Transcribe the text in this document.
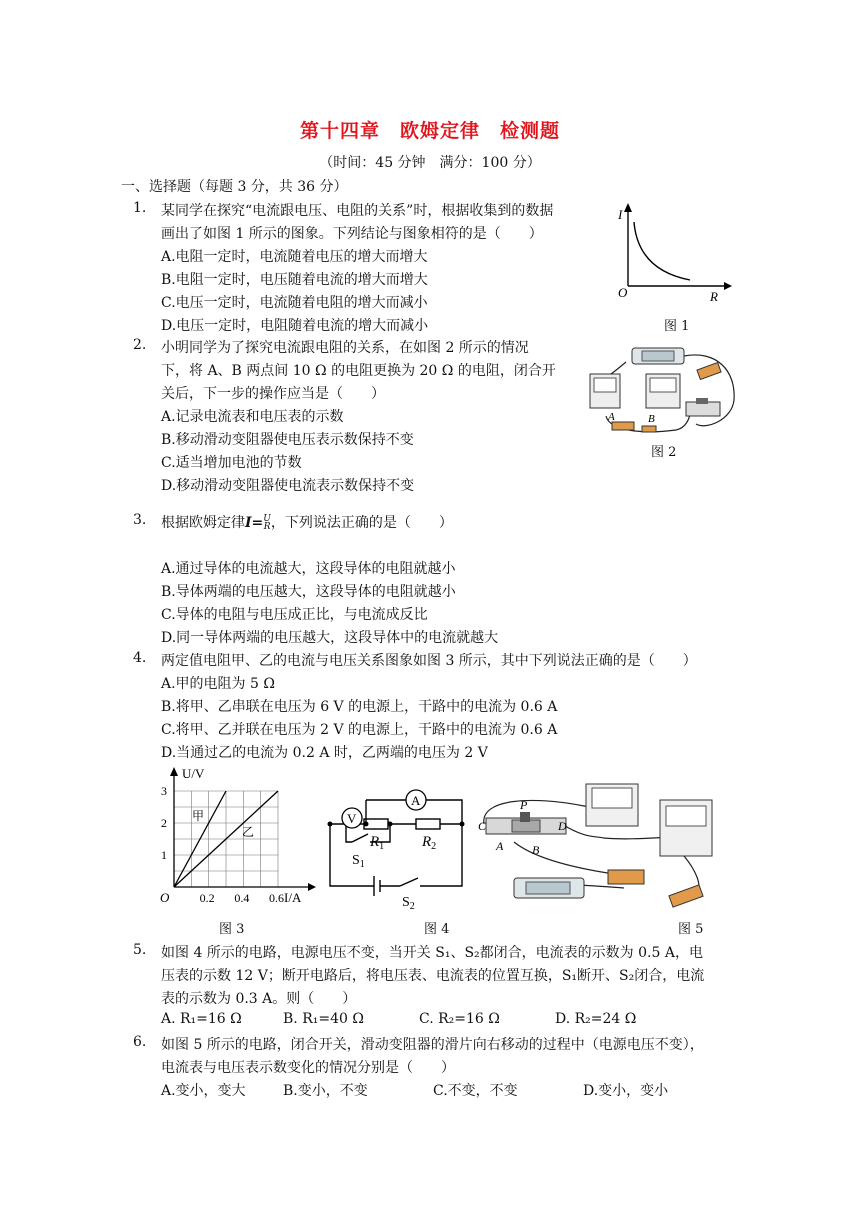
第十四章　欧姆定律　检测题
（时间：45 分钟　满分：100 分）
一、选择题（每题 3 分，共 36 分）
1. 某同学在探究“电流跟电压、电阻的关系”时，根据收集到的数据
画出了如图 1 所示的图象。下列结论与图象相符的是（　　）
A.电阻一定时，电流随着电压的增大而增大
B.电阻一定时，电压随着电流的增大而增大
C.电压一定时，电流随着电阻的增大而减小
D.电压一定时，电阻随着电流的增大而减小
I
R
O
图 1
2. 小明同学为了探究电流跟电阻的关系，在如图 2 所示的情况
下，将 A、B 两点间 10 Ω 的电阻更换为 20 Ω 的电阻，闭合开
关后，下一步的操作应当是（　　）
A.记录电流表和电压表的示数
B.移动滑动变阻器使电压表示数保持不变
C.适当增加电池的节数
D.移动滑动变阻器使电流表示数保持不变
A	B
图 2
3. 根据欧姆定律I=U
R，下列说法正确的是（　　）
A.通过导体的电流越大，这段导体的电阻就越小
B.导体两端的电压越大，这段导体的电阻就越小
C.导体的电阻与电压成正比，与电流成反比
D.同一导体两端的电压越大，这段导体中的电流就越大
4. 两定值电阻甲、乙的电流与电压关系图象如图 3 所示，其中下列说法正确的是（　　）
A.甲的电阻为 5 Ω
B.将甲、乙串联在电压为 6 V 的电源上，干路中的电流为 0.6 A
C.将甲、乙并联在电压为 2 V 的电源上，干路中的电流为 0.6 A
D.当通过乙的电流为 0.2 A 时，乙两端的电压为 2 V
0.2 0.4 0.6
1
2
3
U/V
I/A
O
甲
乙
图 3
V
A
$R_1$	$R_2$
$S_1$
$S_2$
图 4
P
C	D
A B
图 5
5. 如图 4 所示的电路，电源电压不变，当开关 S₁、S₂都闭合，电流表的示数为 0.5 A，电
压表的示数 12 V；断开电路后，将电压表、电流表的位置互换，S₁断开、S₂闭合，电流
表的示数为 0.3 A。则（　　）
A. R₁=16 Ω	B. R₁=40 Ω	C. R₂=16 Ω	D. R₂=24 Ω
6. 如图 5 所示的电路，闭合开关，滑动变阻器的滑片向右移动的过程中（电源电压不变），
电流表与电压表示数变化的情况分别是（　　）
A.变小，变大	B.变小，不变	C.不变，不变	D.变小，变小
